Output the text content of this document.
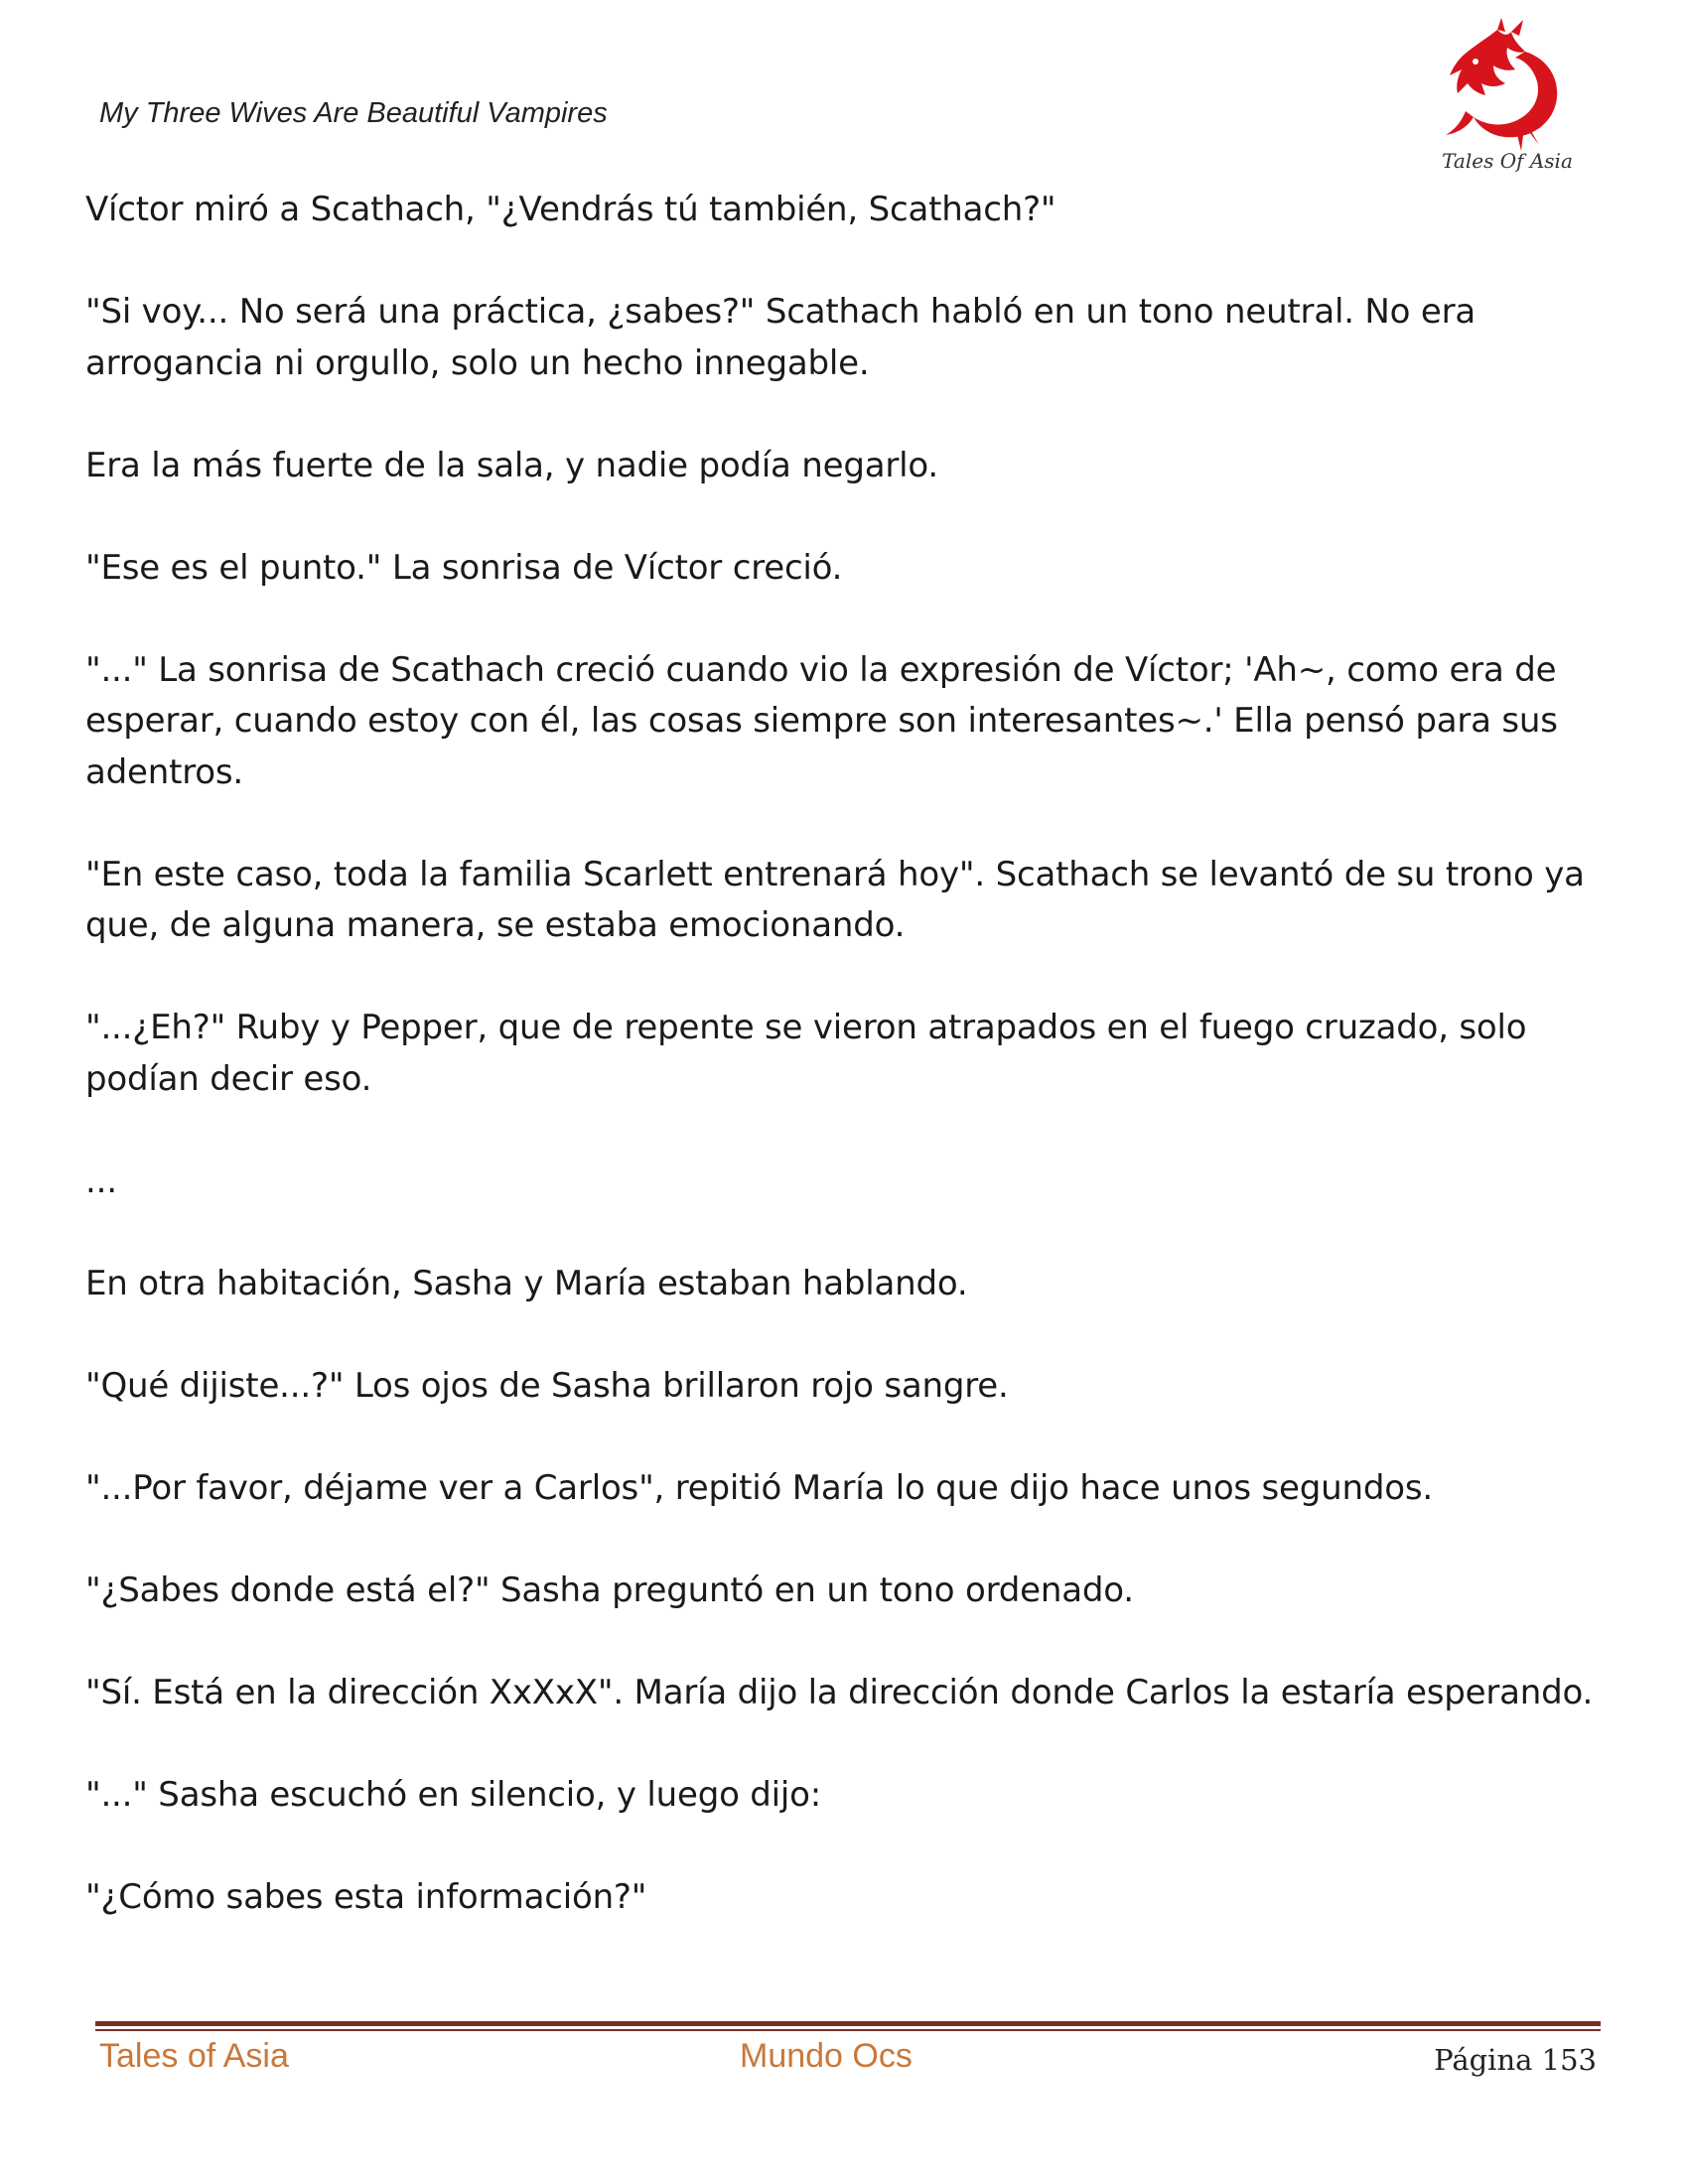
My Three Wives Are Beautiful Vampires
Tales Of Asia

Víctor miró a Scathach, "¿Vendrás tú también, Scathach?"

"Si voy... No será una práctica, ¿sabes?" Scathach habló en un tono neutral. No era arrogancia ni orgullo, solo un hecho innegable.

Era la más fuerte de la sala, y nadie podía negarlo.

"Ese es el punto." La sonrisa de Víctor creció.

"..." La sonrisa de Scathach creció cuando vio la expresión de Víctor; 'Ah~, como era de esperar, cuando estoy con él, las cosas siempre son interesantes~.' Ella pensó para sus adentros.

"En este caso, toda la familia Scarlett entrenará hoy". Scathach se levantó de su trono ya que, de alguna manera, se estaba emocionando.

"...¿Eh?" Ruby y Pepper, que de repente se vieron atrapados en el fuego cruzado, solo podían decir eso.

...

En otra habitación, Sasha y María estaban hablando.

"Qué dijiste...?" Los ojos de Sasha brillaron rojo sangre.

"...Por favor, déjame ver a Carlos", repitió María lo que dijo hace unos segundos.

"¿Sabes donde está el?" Sasha preguntó en un tono ordenado.

"Sí. Está en la dirección XxXxX". María dijo la dirección donde Carlos la estaría esperando.

"..." Sasha escuchó en silencio, y luego dijo:

"¿Cómo sabes esta información?"

Tales of Asia	Mundo Ocs	Página 153
